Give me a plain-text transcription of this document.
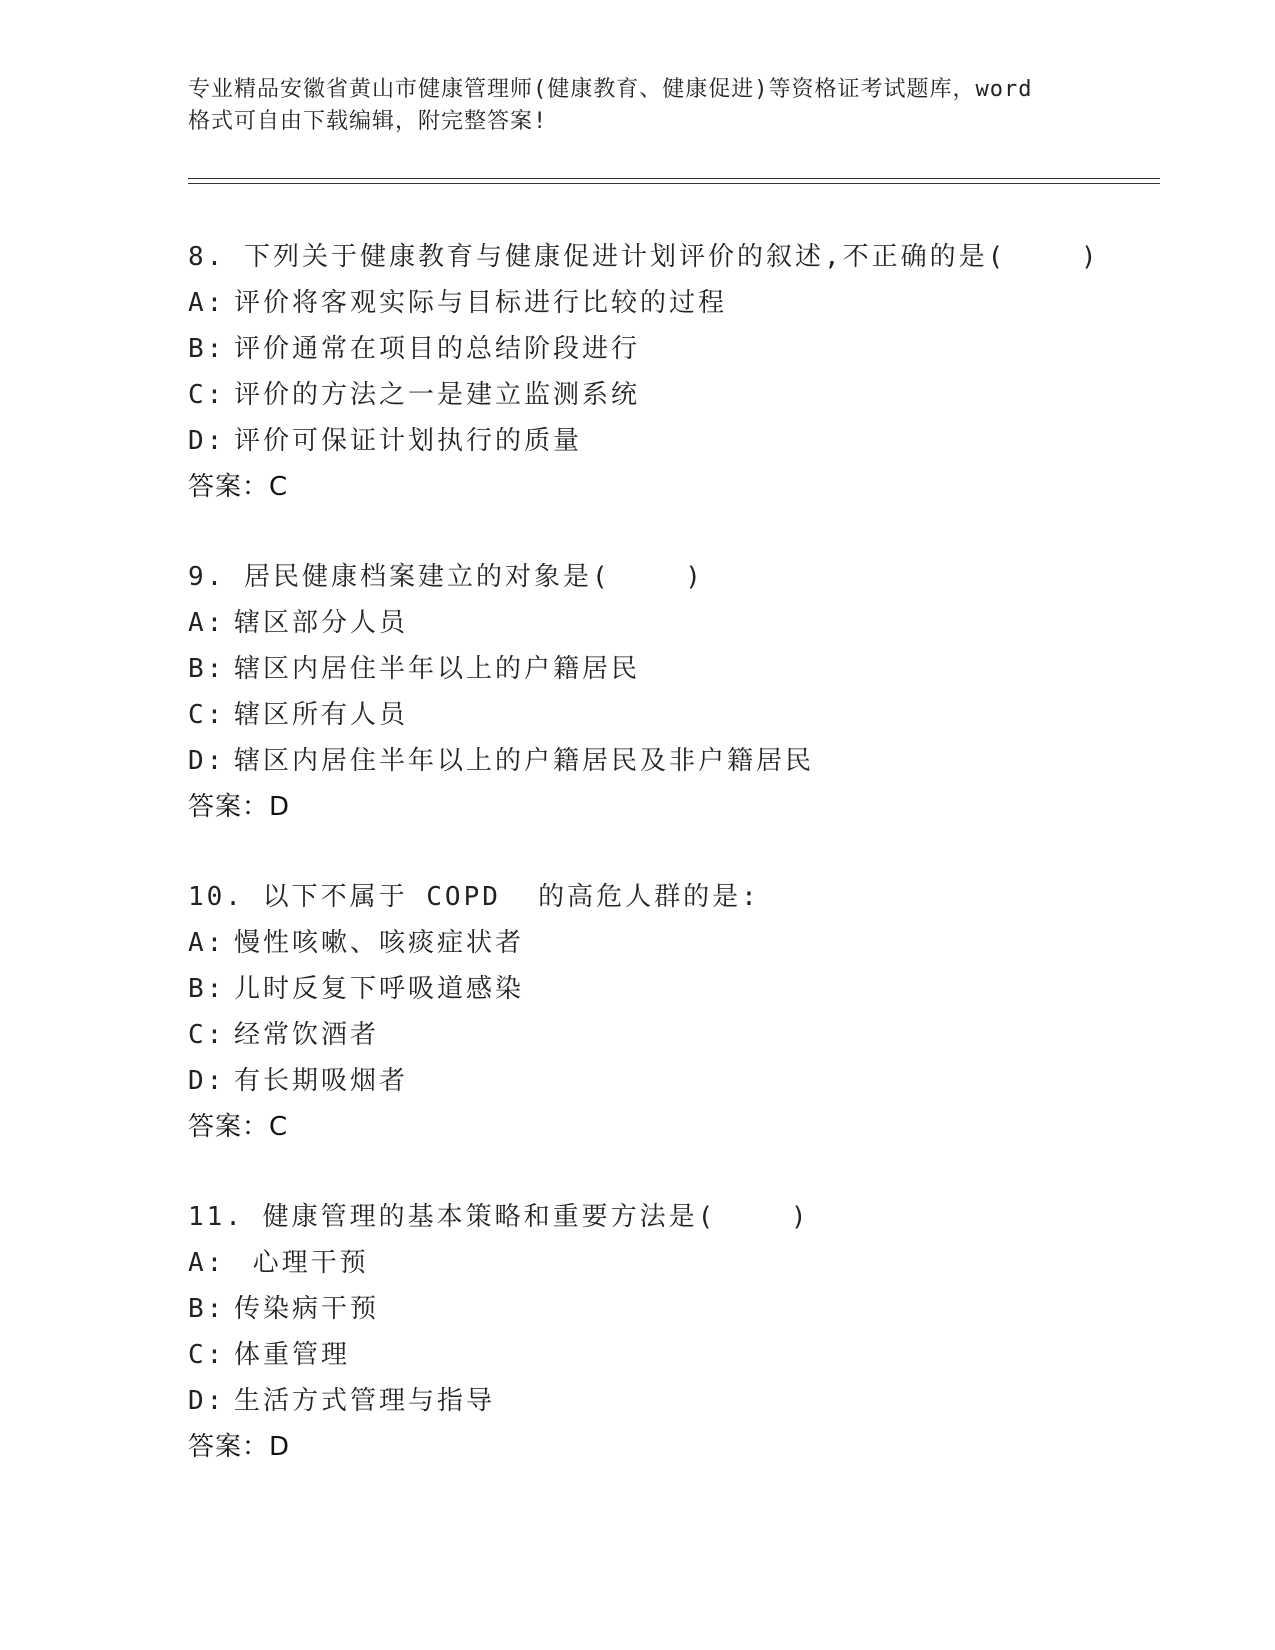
专业精品安徽省黄山市健康管理师(健康教育、健康促进)等资格证考试题库，word
格式可自由下载编辑，附完整答案!
8. 下列关于健康教育与健康促进计划评价的叙述,不正确的是(    )
A: 评价将客观实际与目标进行比较的过程
B: 评价通常在项目的总结阶段进行
C: 评价的方法之一是建立监测系统
D: 评价可保证计划执行的质量
答案：C
9. 居民健康档案建立的对象是(    )
A: 辖区部分人员
B: 辖区内居住半年以上的户籍居民
C: 辖区所有人员
D: 辖区内居住半年以上的户籍居民及非户籍居民
答案：D
10. 以下不属于 COPD  的高危人群的是:
A: 慢性咳嗽、咳痰症状者
B: 儿时反复下呼吸道感染
C: 经常饮酒者
D: 有长期吸烟者
答案：C
11. 健康管理的基本策略和重要方法是(    )
A: 心理干预
B: 传染病干预
C: 体重管理
D: 生活方式管理与指导
答案：D
